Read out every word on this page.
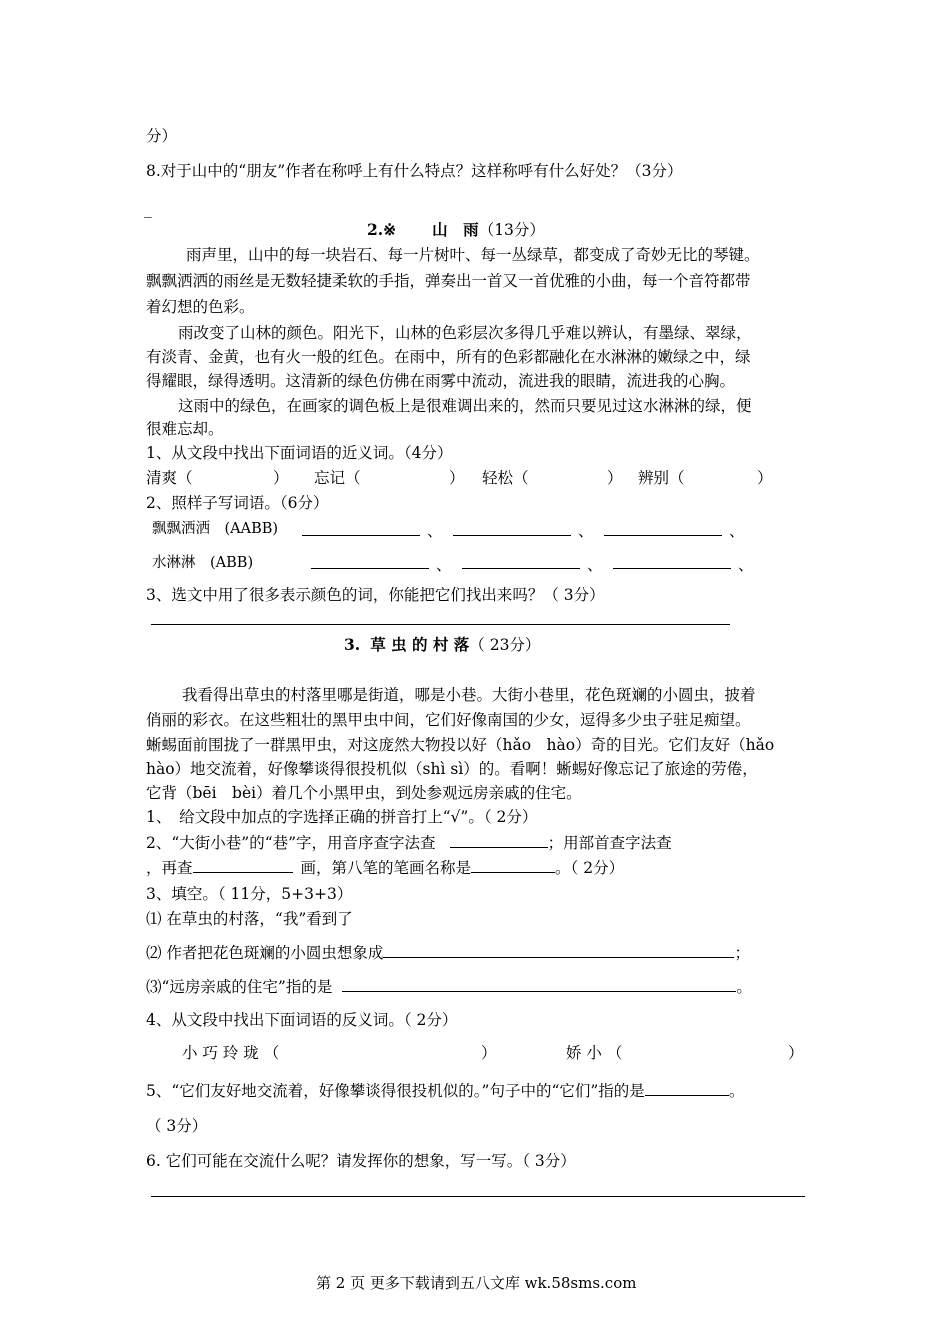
分）
8.对于山中的“朋友”作者在称呼上有什么特点？这样称呼有什么好处？（3分）
_
2.※ 山　雨（13分）
雨声里，山中的每一块岩石、每一片树叶、每一丛绿草，都变成了奇妙无比的琴键。
飘飘洒洒的雨丝是无数轻捷柔软的手指，弹奏出一首又一首优雅的小曲，每一个音符都带
着幻想的色彩。
雨改变了山林的颜色。阳光下，山林的色彩层次多得几乎难以辨认，有墨绿、翠绿，
有淡青、金黄，也有火一般的红色。在雨中，所有的色彩都融化在水淋淋的嫩绿之中，绿
得耀眼，绿得透明。这清新的绿色仿佛在雨雾中流动，流进我的眼睛，流进我的心胸。
这雨中的绿色，在画家的调色板上是很难调出来的，然而只要见过这水淋淋的绿，便
很难忘却。
1、从文段中找出下面词语的近义词。（4分）
清爽（	） 忘记（	） 轻松（	） 辨别（	）
2、照样子写词语。（6分）
飘飘洒洒　(AABB)	、	、	、
水淋淋　(ABB)	、	、	、
3、选文中用了很多表示颜色的词，你能把它们找出来吗？（ 3分）
3. 草 虫 的 村 落（ 23分）
我看得出草虫的村落里哪是街道，哪是小巷。大街小巷里，花色斑斓的小圆虫，披着
俏丽的彩衣。在这些粗壮的黑甲虫中间，它们好像南国的少女，逗得多少虫子驻足痴望。
蜥蜴面前围拢了一群黑甲虫，对这庞然大物投以好（hǎo　hào）奇的目光。它们友好（hǎo
hào）地交流着，好像攀谈得很投机似（shì sì）的。看啊！蜥蜴好像忘记了旅途的劳倦，
它背（bēi　bèi）着几个小黑甲虫，到处参观远房亲戚的住宅。
1、　给文段中加点的字选择正确的拼音打上“√”。（ 2分）
2、“大街小巷”的“巷”字，用音序查字法查	；用部首查字法查
，再查	画，第八笔的笔画名称是	。（ 2分）
3、填空。（ 11分，5+3+3）
⑴ 在草虫的村落，“我”看到了
⑵ 作者把花色斑斓的小圆虫想象成	；
⑶“远房亲戚的住宅”指的是	。
4、从文段中找出下面词语的反义词。（ 2分）
小 巧 玲 珑 （	）	娇 小 （	）
5、“它们友好地交流着，好像攀谈得很投机似的。”句子中的“它们”指的是	。
（ 3分）
6. 它们可能在交流什么呢？请发挥你的想象，写一写。（ 3分）
第 2 页 更多下载请到五八文库 wk.58sms.com
